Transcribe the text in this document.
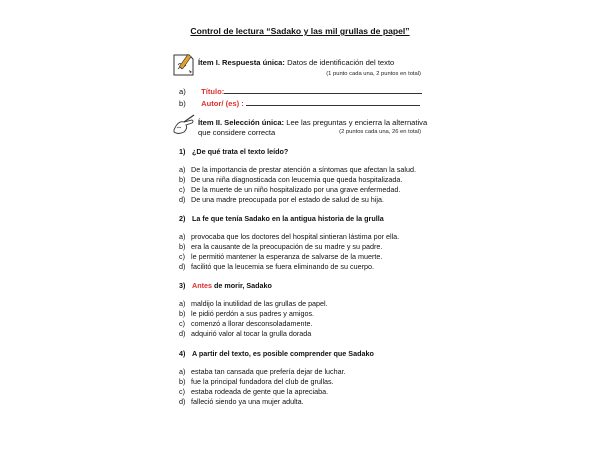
Control de lectura “Sadako y las mil grullas de papel”
Ítem I. Respuesta única: Datos de identificación del texto
(1 punto cada una, 2 puntos en total)
a) Título:
b) Autor/ (es) :
Ítem II. Selección única: Lee las preguntas y encierra la alternativa
que considere correcta	(2 puntos cada una, 26 en total)
1) ¿De qué trata el texto leído?
a) De la importancia de prestar atención a síntomas que afectan la salud.
b) De una niña diagnosticada con leucemia que queda hospitalizada.
c) De la muerte de un niño hospitalizado por una grave enfermedad.
d) De una madre preocupada por el estado de salud de su hija.
2) La fe que tenía Sadako en la antigua historia de la grulla
a) provocaba que los doctores del hospital sintieran lástima por ella.
b) era la causante de la preocupación de su madre y su padre.
c) le permitió mantener la esperanza de salvarse de la muerte.
d) facilitó que la leucemia se fuera eliminando de su cuerpo.
3) Antes de morir, Sadako
a) maldijo la inutilidad de las grullas de papel.
b) le pidió perdón a sus padres y amigos.
c) comenzó a llorar desconsoladamente.
d) adquirió valor al tocar la grulla dorada
4) A partir del texto, es posible comprender que Sadako
a) estaba tan cansada que prefería dejar de luchar.
b) fue la principal fundadora del club de grullas.
c) estaba rodeada de gente que la apreciaba.
d) falleció siendo ya una mujer adulta.
